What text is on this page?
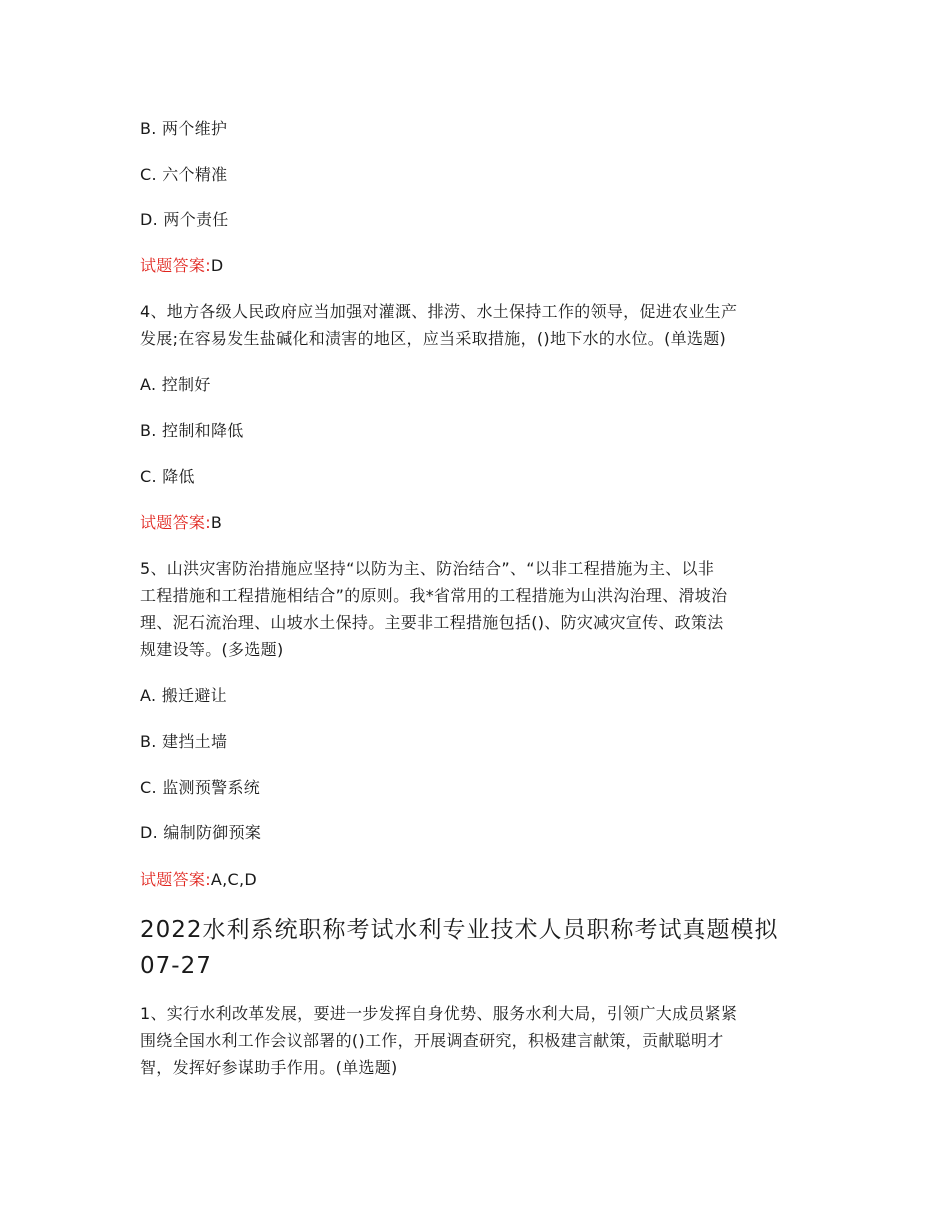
B. 两个维护
C. 六个精准
D. 两个责任
试题答案:D
4、地方各级人民政府应当加强对灌溉、排涝、水土保持工作的领导，促进农业生产
发展;在容易发生盐碱化和渍害的地区，应当采取措施，()地下水的水位。(单选题)
A. 控制好
B. 控制和降低
C. 降低
试题答案:B
5、山洪灾害防治措施应坚持“以防为主、防治结合”、“以非工程措施为主、以非
工程措施和工程措施相结合”的原则。我*省常用的工程措施为山洪沟治理、滑坡治
理、泥石流治理、山坡水土保持。主要非工程措施包括()、防灾减灾宣传、政策法
规建设等。(多选题)
A. 搬迁避让
B. 建挡土墙
C. 监测预警系统
D. 编制防御预案
试题答案:A,C,D
2022水利系统职称考试水利专业技术人员职称考试真题模拟
07-27
1、实行水利改革发展，要进一步发挥自身优势、服务水利大局，引领广大成员紧紧
围绕全国水利工作会议部署的()工作，开展调查研究，积极建言献策，贡献聪明才
智，发挥好参谋助手作用。(单选题)
